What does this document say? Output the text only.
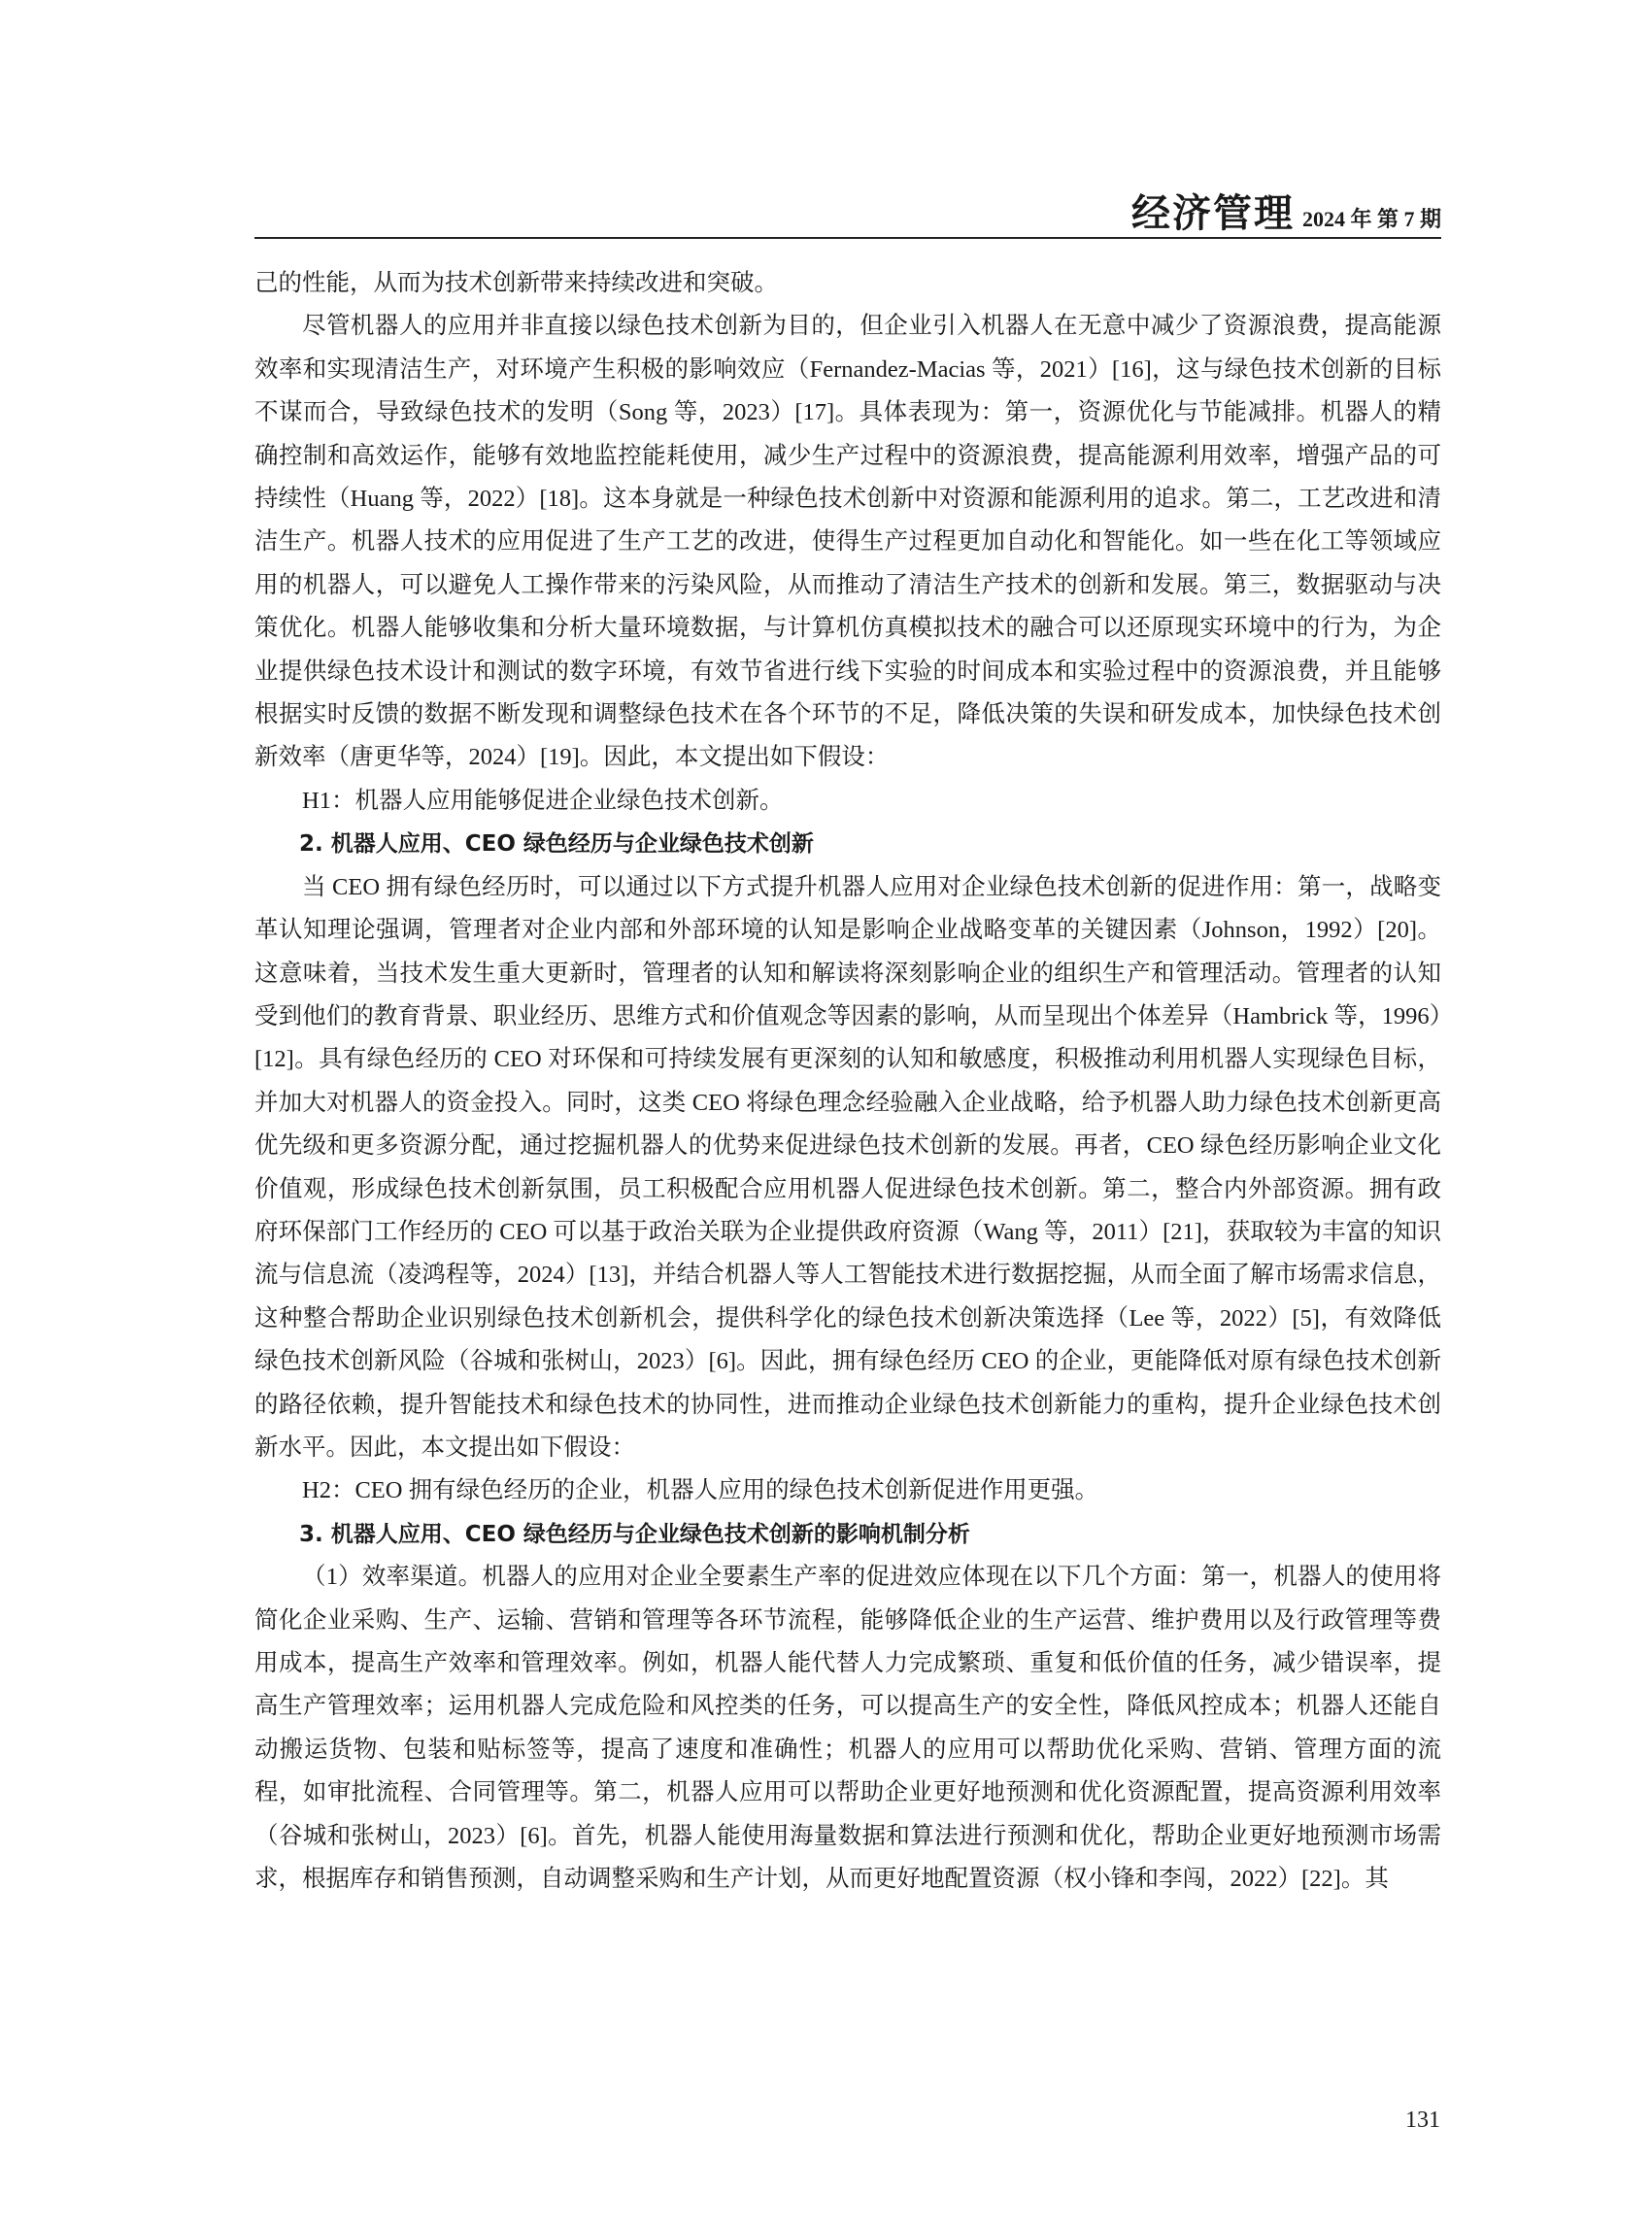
经济管理 2024 年 第 7 期

己的性能，从而为技术创新带来持续改进和突破。

尽管机器人的应用并非直接以绿色技术创新为目的，但企业引入机器人在无意中减少了资源浪费，提高能源效率和实现清洁生产，对环境产生积极的影响效应（Fernandez-Macias 等，2021）[16]，这与绿色技术创新的目标不谋而合，导致绿色技术的发明（Song 等，2023）[17]。具体表现为：第一，资源优化与节能减排。机器人的精确控制和高效运作，能够有效地监控能耗使用，减少生产过程中的资源浪费，提高能源利用效率，增强产品的可持续性（Huang 等，2022）[18]。这本身就是一种绿色技术创新中对资源和能源利用的追求。第二，工艺改进和清洁生产。机器人技术的应用促进了生产工艺的改进，使得生产过程更加自动化和智能化。如一些在化工等领域应用的机器人，可以避免人工操作带来的污染风险，从而推动了清洁生产技术的创新和发展。第三，数据驱动与决策优化。机器人能够收集和分析大量环境数据，与计算机仿真模拟技术的融合可以还原现实环境中的行为，为企业提供绿色技术设计和测试的数字环境，有效节省进行线下实验的时间成本和实验过程中的资源浪费，并且能够根据实时反馈的数据不断发现和调整绿色技术在各个环节的不足，降低决策的失误和研发成本，加快绿色技术创新效率（唐更华等，2024）[19]。因此，本文提出如下假设：

H1：机器人应用能够促进企业绿色技术创新。

2. 机器人应用、CEO 绿色经历与企业绿色技术创新

当 CEO 拥有绿色经历时，可以通过以下方式提升机器人应用对企业绿色技术创新的促进作用：第一，战略变革认知理论强调，管理者对企业内部和外部环境的认知是影响企业战略变革的关键因素（Johnson，1992）[20]。这意味着，当技术发生重大更新时，管理者的认知和解读将深刻影响企业的组织生产和管理活动。管理者的认知受到他们的教育背景、职业经历、思维方式和价值观念等因素的影响，从而呈现出个体差异（Hambrick 等，1996）[12]。具有绿色经历的 CEO 对环保和可持续发展有更深刻的认知和敏感度，积极推动利用机器人实现绿色目标，并加大对机器人的资金投入。同时，这类 CEO 将绿色理念经验融入企业战略，给予机器人助力绿色技术创新更高优先级和更多资源分配，通过挖掘机器人的优势来促进绿色技术创新的发展。再者，CEO 绿色经历影响企业文化价值观，形成绿色技术创新氛围，员工积极配合应用机器人促进绿色技术创新。第二，整合内外部资源。拥有政府环保部门工作经历的 CEO 可以基于政治关联为企业提供政府资源（Wang 等，2011）[21]，获取较为丰富的知识流与信息流（凌鸿程等，2024）[13]，并结合机器人等人工智能技术进行数据挖掘，从而全面了解市场需求信息，这种整合帮助企业识别绿色技术创新机会，提供科学化的绿色技术创新决策选择（Lee 等，2022）[5]，有效降低绿色技术创新风险（谷城和张树山，2023）[6]。因此，拥有绿色经历 CEO 的企业，更能降低对原有绿色技术创新的路径依赖，提升智能技术和绿色技术的协同性，进而推动企业绿色技术创新能力的重构，提升企业绿色技术创新水平。因此，本文提出如下假设：

H2：CEO 拥有绿色经历的企业，机器人应用的绿色技术创新促进作用更强。

3. 机器人应用、CEO 绿色经历与企业绿色技术创新的影响机制分析

（1）效率渠道。机器人的应用对企业全要素生产率的促进效应体现在以下几个方面：第一，机器人的使用将简化企业采购、生产、运输、营销和管理等各环节流程，能够降低企业的生产运营、维护费用以及行政管理等费用成本，提高生产效率和管理效率。例如，机器人能代替人力完成繁琐、重复和低价值的任务，减少错误率，提高生产管理效率；运用机器人完成危险和风控类的任务，可以提高生产的安全性，降低风控成本；机器人还能自动搬运货物、包装和贴标签等，提高了速度和准确性；机器人的应用可以帮助优化采购、营销、管理方面的流程，如审批流程、合同管理等。第二，机器人应用可以帮助企业更好地预测和优化资源配置，提高资源利用效率（谷城和张树山，2023）[6]。首先，机器人能使用海量数据和算法进行预测和优化，帮助企业更好地预测市场需求，根据库存和销售预测，自动调整采购和生产计划，从而更好地配置资源（权小锋和李闯，2022）[22]。其

131
